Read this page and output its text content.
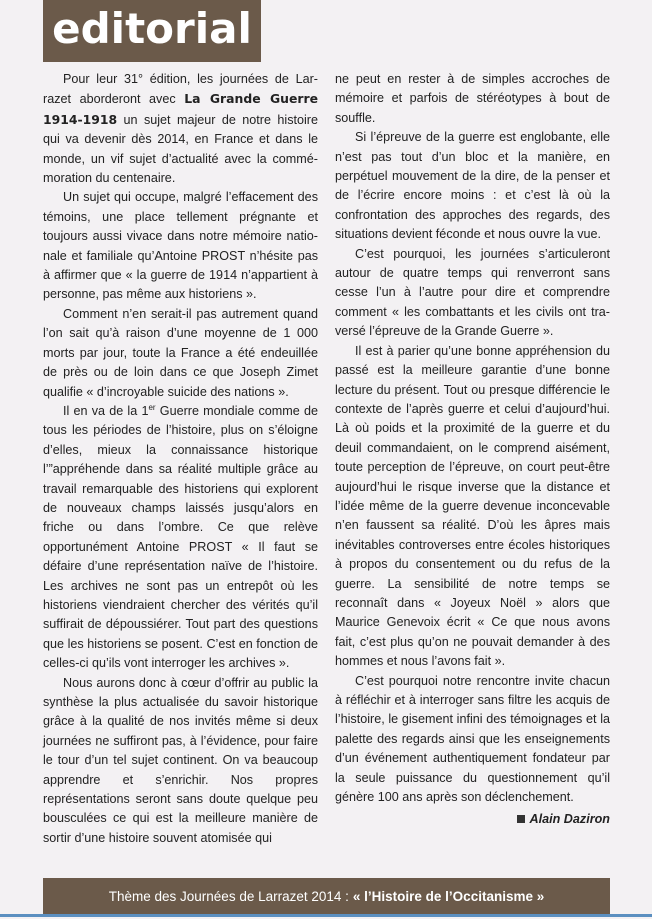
editorial

Pour leur 31° édition, les journées de Larrazet aborderont avec La Grande Guerre 1914-1918 un sujet majeur de notre histoire qui va devenir dès 2014, en France et dans le monde, un vif sujet d’actualité avec la commémoration du centenaire.

Un sujet qui occupe, malgré l’effacement des témoins, une place tellement prégnante et toujours aussi vivace dans notre mémoire nationale et familiale qu’Antoine PROST n’hésite pas à affirmer que « la guerre de 1914 n’appartient à personne, pas même aux historiens ».

Comment n’en serait-il pas autrement quand l’on sait qu’à raison d’une moyenne de 1 000 morts par jour, toute la France a été endeuillée de près ou de loin dans ce que Joseph Zimet qualifie « d’incroyable suicide des nations ».

Il en va de la 1er Guerre mondiale comme de tous les périodes de l’histoire, plus on s’éloigne d’elles, mieux la connaissance historique l’”appréhende dans sa réalité multiple grâce au travail remarquable des historiens qui explorent de nouveaux champs laissés jusqu’alors en friche ou dans l’ombre. Ce que relève opportunément Antoine PROST « Il faut se défaire d’une représentation naïve de l’histoire. Les archives ne sont pas un entrepôt où les historiens viendraient chercher des vérités qu’il suffirait de dépoussiérer. Tout part des questions que les historiens se posent. C’est en fonction de celles-ci qu’ils vont interroger les archives ».

Nous aurons donc à cœur d’offrir au public la synthèse la plus actualisée du savoir historique grâce à la qualité de nos invités même si deux journées ne suffiront pas, à l’évidence, pour faire le tour d’un tel sujet continent. On va beaucoup apprendre et s’enrichir. Nos propres représentations seront sans doute quelque peu bousculées ce qui est la meilleure manière de sortir d’une histoire souvent atomisée qui

ne peut en rester à de simples accroches de mémoire et parfois de stéréotypes à bout de souffle.

Si l’épreuve de la guerre est englobante, elle n’est pas tout d’un bloc et la manière, en perpétuel mouvement de la dire, de la penser et de l’écrire encore moins : et c’est là où la confrontation des approches des regards, des situations devient féconde et nous ouvre la vue.

C’est pourquoi, les journées s’articuleront autour de quatre temps qui renverront sans cesse l’un à l’autre pour dire et comprendre comment « les combattants et les civils ont traversé l’épreuve de la Grande Guerre ».

Il est à parier qu’une bonne appréhension du passé est la meilleure garantie d’une bonne lecture du présent. Tout ou presque différencie le contexte de l’après guerre et celui d’aujourd’hui. Là où poids et la proximité de la guerre et du deuil commandaient, on le comprend aisément, toute perception de l’épreuve, on court peut-être aujourd’hui le risque inverse que la distance et l’idée même de la guerre devenue inconcevable n’en faussent sa réalité. D’où les âpres mais inévitables controverses entre écoles historiques à propos du consentement ou du refus de la guerre. La sensibilité de notre temps se reconnaît dans « Joyeux Noël » alors que Maurice Genevoix écrit « Ce que nous avons fait, c’est plus qu’on ne pouvait demander à des hommes et nous l’avons fait ».

C’est pourquoi notre rencontre invite chacun à réfléchir et à interroger sans filtre les acquis de l’histoire, le gisement infini des témoignages et la palette des regards ainsi que les enseignements d’un événement authentiquement fondateur par la seule puissance du questionnement qu’il génère 100 ans après son déclenchement.

Alain Daziron
Thème des Journées de Larrazet 2014 : « l’Histoire de l’Occitanisme »
